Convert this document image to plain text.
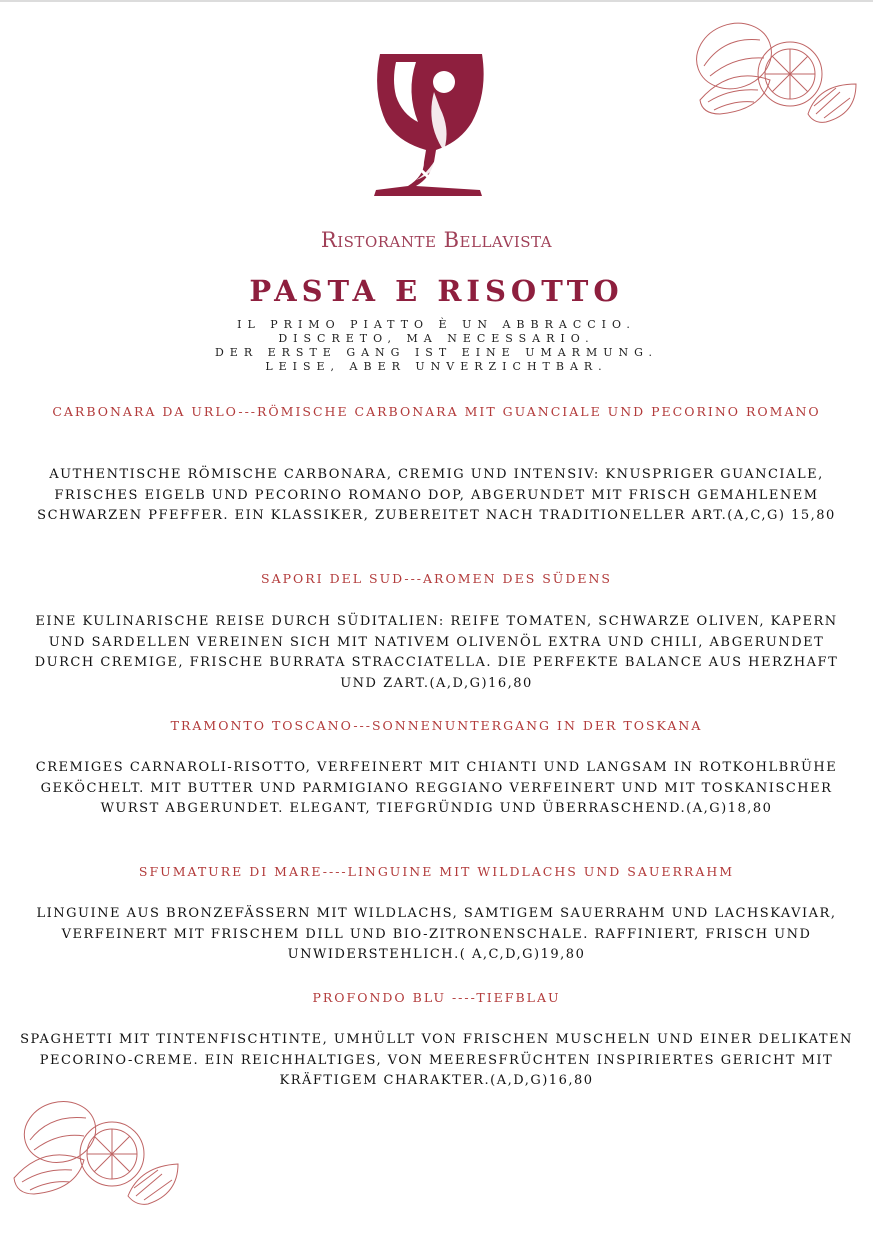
Ristorante Bellavista
PASTA E RISOTTO
IL PRIMO PIATTO È UN ABBRACCIO.
DISCRETO, MA NECESSARIO.
DER ERSTE GANG IST EINE UMARMUNG.
LEISE, ABER UNVERZICHTBAR.
CARBONARA DA URLO---RÖMISCHE CARBONARA MIT GUANCIALE UND PECORINO ROMANO
AUTHENTISCHE RÖMISCHE CARBONARA, CREMIG UND INTENSIV: KNUSPRIGER GUANCIALE, FRISCHES EIGELB UND PECORINO ROMANO DOP, ABGERUNDET MIT FRISCH GEMAHLENEM SCHWARZEN PFEFFER. EIN KLASSIKER, ZUBEREITET NACH TRADITIONELLER ART.(A,C,G) 15,80
SAPORI DEL SUD---AROMEN DES SÜDENS
EINE KULINARISCHE REISE DURCH SÜDITALIEN: REIFE TOMATEN, SCHWARZE OLIVEN, KAPERN UND SARDELLEN VEREINEN SICH MIT NATIVEM OLIVENÖL EXTRA UND CHILI, ABGERUNDET DURCH CREMIGE, FRISCHE BURRATA STRACCIATELLA. DIE PERFEKTE BALANCE AUS HERZHAFT UND ZART.(A,D,G)16,80
TRAMONTO TOSCANO---SONNENUNTERGANG IN DER TOSKANA
CREMIGES CARNAROLI-RISOTTO, VERFEINERT MIT CHIANTI UND LANGSAM IN ROTKOHLBRÜHE GEKÖCHELT. MIT BUTTER UND PARMIGIANO REGGIANO VERFEINERT UND MIT TOSKANISCHER WURST ABGERUNDET. ELEGANT, TIEFGRÜNDIG UND ÜBERRASCHEND.(A,G)18,80
SFUMATURE DI MARE----LINGUINE MIT WILDLACHS UND SAUERRAHM
LINGUINE AUS BRONZEFÄSSERN MIT WILDLACHS, SAMTIGEM SAUERRAHM UND LACHSKAVIAR, VERFEINERT MIT FRISCHEM DILL UND BIO-ZITRONENSCHALE. RAFFINIERT, FRISCH UND UNWIDERSTEHLICH.( A,C,D,G)19,80
PROFONDO BLU ----TIEFBLAU
SPAGHETTI MIT TINTENFISCHTINTE, UMHÜLLT VON FRISCHEN MUSCHELN UND EINER DELIKATEN PECORINO-CREME. EIN REICHHALTIGES, VON MEERESFRÜCHTEN INSPIRIERTES GERICHT MIT KRÄFTIGEM CHARAKTER.(A,D,G)16,80
